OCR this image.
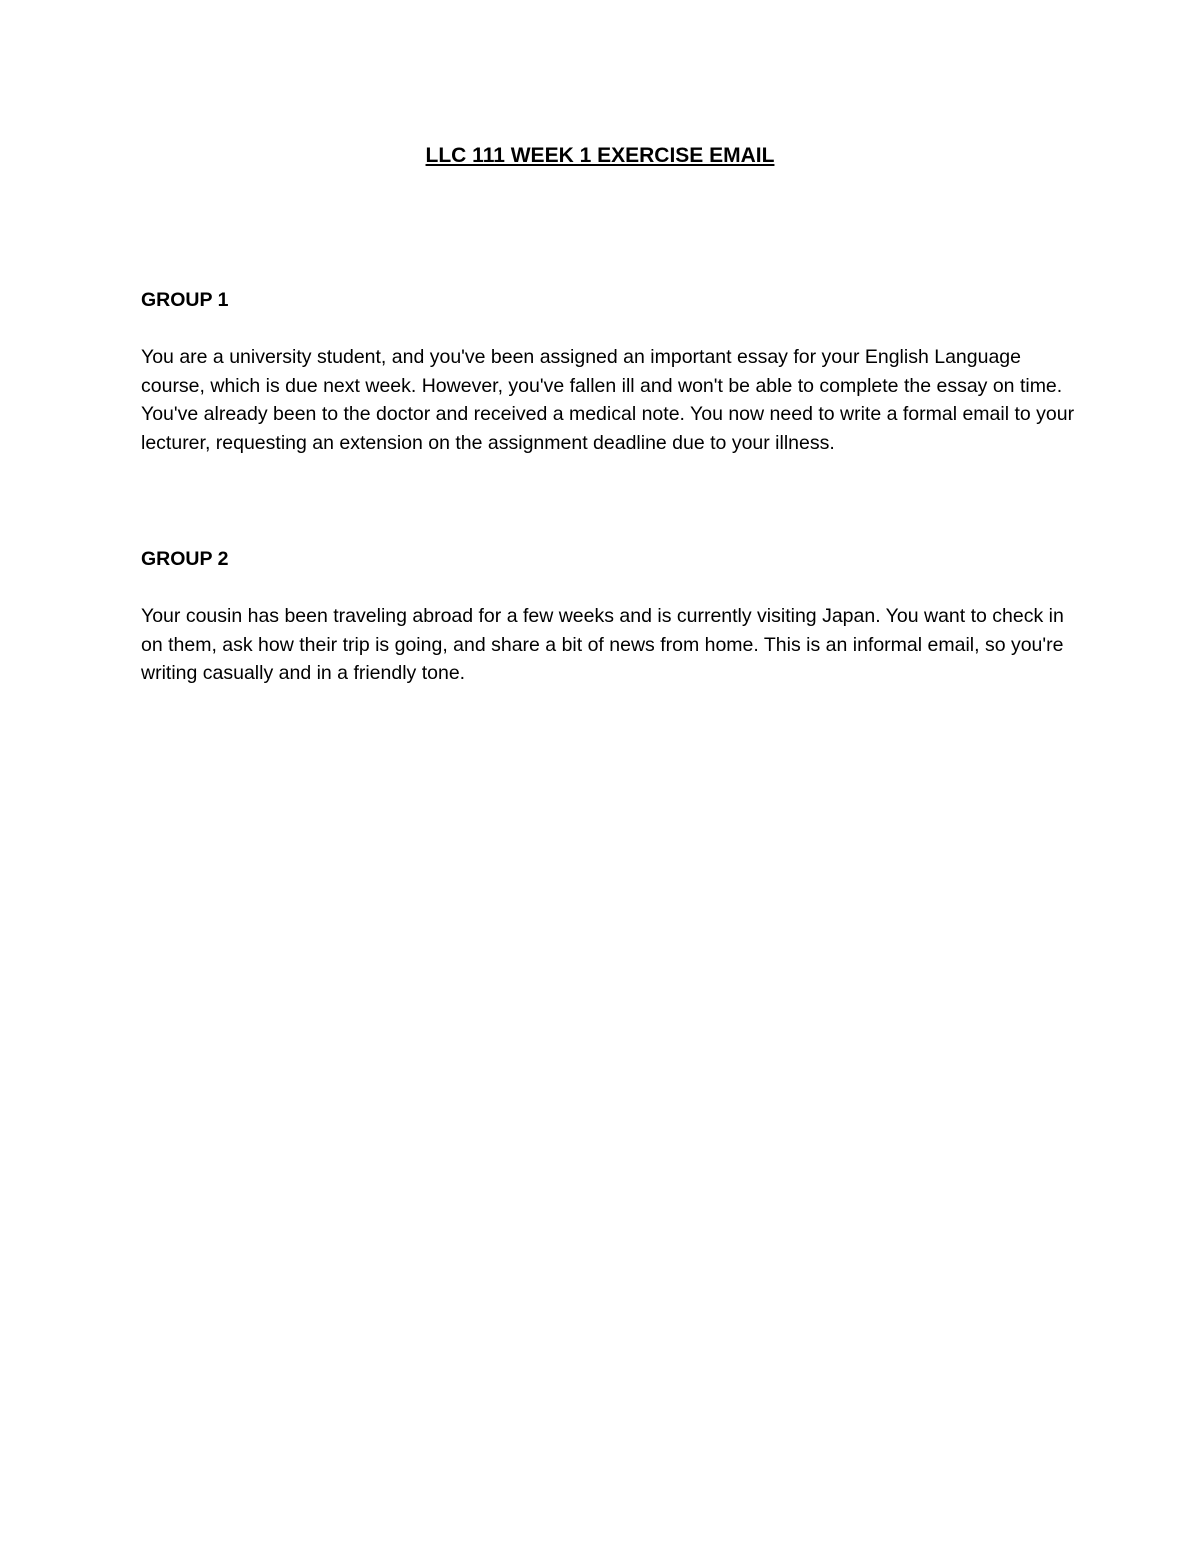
LLC 111 WEEK 1 EXERCISE EMAIL
GROUP 1

You are a university student, and you've been assigned an important essay for your English Language course, which is due next week. However, you've fallen ill and won't be able to complete the essay on time. You've already been to the doctor and received a medical note. You now need to write a formal email to your lecturer, requesting an extension on the assignment deadline due to your illness.

GROUP 2

Your cousin has been traveling abroad for a few weeks and is currently visiting Japan. You want to check in on them, ask how their trip is going, and share a bit of news from home. This is an informal email, so you're writing casually and in a friendly tone.
